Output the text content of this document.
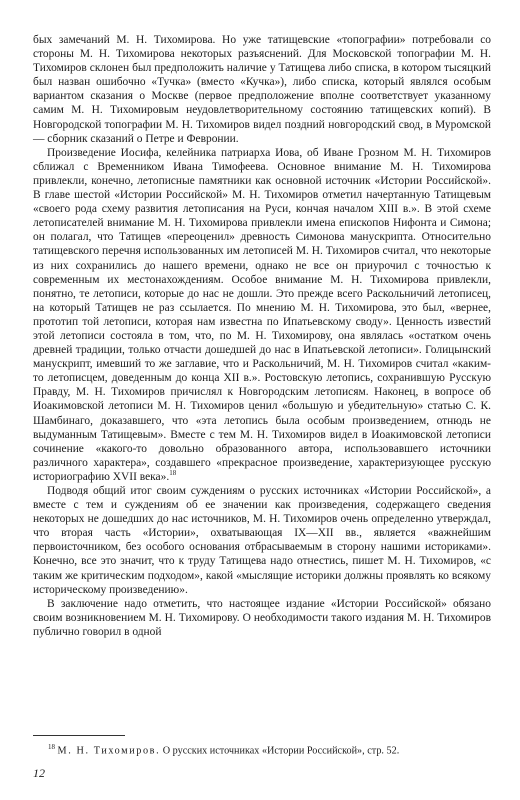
бых замечаний М. Н. Тихомирова. Но уже татищевские «топографии» потребовали со стороны М. Н. Тихомирова некоторых разъяснений. Для Московской топографии М. Н. Тихомиров склонен был предположить наличие у Татищева либо списка, в котором тысяцкий был назван ошибочно «Тучка» (вместо «Кучка»), либо списка, который являлся особым вариантом сказания о Москве (первое предположение вполне соответствует указанному самим М. Н. Тихомировым неудовлетворительному состоянию татищевских копий). В Новгородской топографии М. Н. Тихомиров видел поздний новгородский свод, в Муромской — сборник сказаний о Петре и Февронии.

Произведение Иосифа, келейника патриарха Иова, об Иване Грозном М. Н. Тихомиров сближал с Временником Ивана Тимофеева. Основное внимание М. Н. Тихомирова привлекли, конечно, летописные памятники как основной источник «Истории Российской». В главе шестой «Истории Российской» М. Н. Тихомиров отметил начертанную Татищевым «своего рода схему развития летописания на Руси, кончая началом XIII в.». В этой схеме летописателей внимание М. Н. Тихомирова привлекли имена епископов Нифонта и Симона; он полагал, что Татищев «переоценил» древность Симонова манускрипта. Относительно татищевского перечня использованных им летописей М. Н. Тихомиров считал, что некоторые из них сохранились до нашего времени, однако не все он приурочил с точностью к современным их местонахождениям. Особое внимание М. Н. Тихомирова привлекли, понятно, те летописи, которые до нас не дошли. Это прежде всего Раскольничий летописец, на который Татищев не раз ссылается. По мнению М. Н. Тихомирова, это был, «вернее, прототип той летописи, которая нам известна по Ипатьевскому своду». Ценность известий этой летописи состояла в том, что, по М. Н. Тихомирову, она являлась «остатком очень древней традиции, только отчасти дошедшей до нас в Ипатьевской летописи». Голицынский манускрипт, имевший то же заглавие, что и Раскольничий, М. Н. Тихомиров считал «каким-то летописцем, доведенным до конца XII в.». Ростовскую летопись, сохранившую Русскую Правду, М. Н. Тихомиров причислял к Новгородским летописям. Наконец, в вопросе об Иоакимовской летописи М. Н. Тихомиров ценил «большую и убедительную» статью С. К. Шамбинаго, доказавшего, что «эта летопись была особым произведением, отнюдь не выдуманным Татищевым». Вместе с тем М. Н. Тихомиров видел в Иоакимовской летописи сочинение «какого-то довольно образованного автора, использовавшего источники различного характера», создавшего «прекрасное произведение, характеризующее русскую историографию XVII века».$^{18}$

Подводя общий итог своим суждениям о русских источниках «Истории Российской», а вместе с тем и суждениям об ее значении как произведения, содержащего сведения некоторых не дошедших до нас источников, М. Н. Тихомиров очень определенно утверждал, что вторая часть «Истории», охватывающая IX—XII вв., является «важнейшим первоисточником, без особого основания отбрасываемым в сторону нашими историками». Конечно, все это значит, что к труду Татищева надо отнестись, пишет М. Н. Тихомиров, «с таким же критическим подходом», какой «мыслящие историки должны проявлять ко всякому историческому произведению».

В заключение надо отметить, что настоящее издание «Истории Российской» обязано своим возникновением М. Н. Тихомирову. О необходимости такого издания М. Н. Тихомиров публично говорил в одной

$^{18}$ М. Н. Тихомиров. О русских источниках «Истории Российской», стр. 52.
12
